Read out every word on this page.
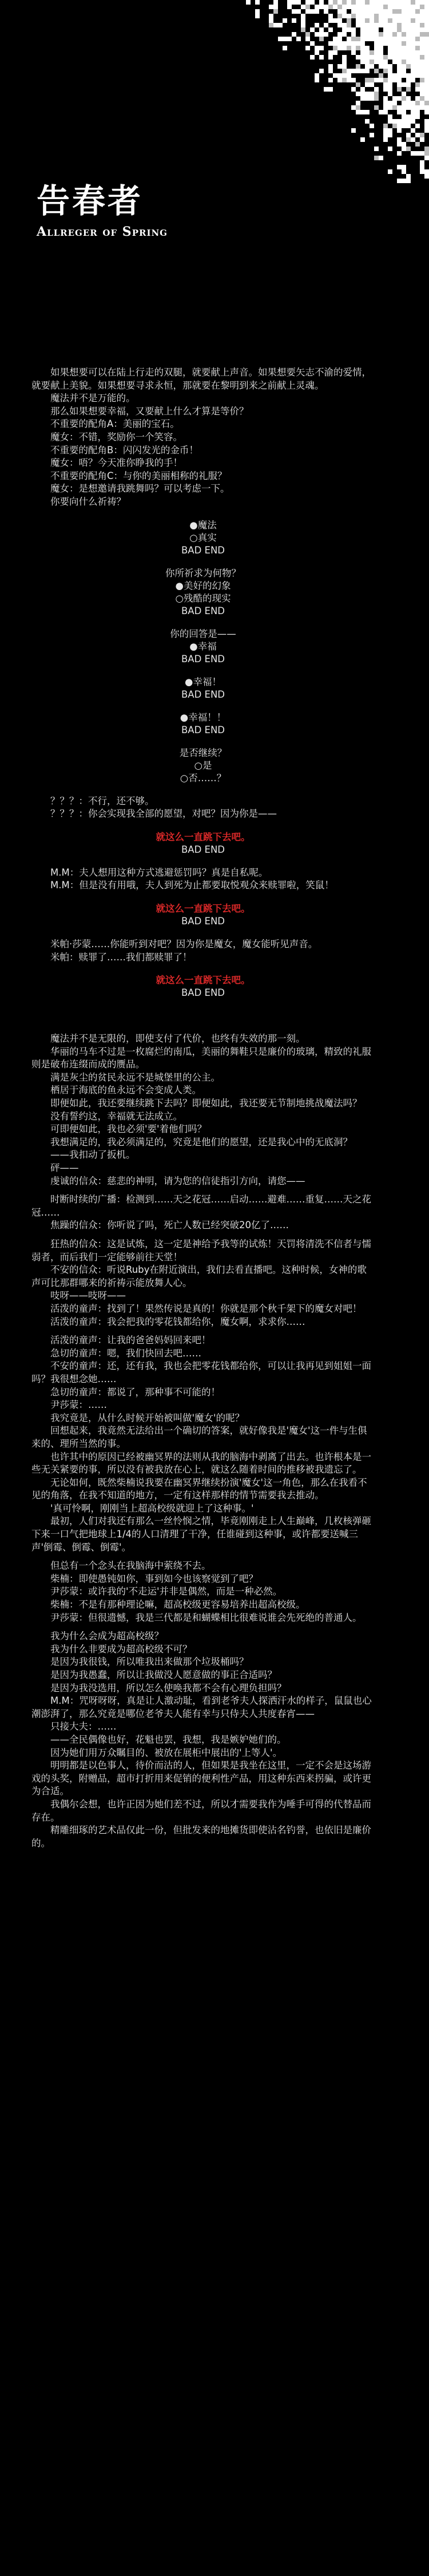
告春者

Allreger of Spring

如果想要可以在陆上行走的双腿，就要献上声音。如果想要矢志不渝的爱情，就要献上美貌。如果想要寻求永恒，那就要在黎明到来之前献上灵魂。

魔法并不是万能的。

那么如果想要幸福，又要献上什么才算是等价？

不重要的配角A：美丽的宝石。

魔女：不错，奖励你一个笑容。

不重要的配角B：闪闪发光的金币！

魔女：唔？今天准你睁我的手！

不重要的配角C：与你的美丽相称的礼服？

魔女：是想邀请我跳舞吗？可以考虑一下。

你要向什么祈祷？

●魔法
○真实
BAD END
你所祈求为何物？
●美好的幻象
○残酷的现实
BAD END
你的回答是——
●幸福
BAD END
●幸福！
BAD END
●幸福！！
BAD END
是否继续？
○是
○否……？

？？？：不行，还不够。

？？？：你会实现我全部的愿望，对吧？因为你是——

就这么一直跳下去吧。
BAD END

M.M：夫人想用这种方式逃避惩罚吗？真是自私呢。

M.M：但是没有用哦，夫人到死为止都要取悦观众来赎罪啦，笑鼠！

就这么一直跳下去吧。
BAD END

米帕·莎蒙……你能听到对吧？因为你是魔女，魔女能听见声音。

米帕：赎罪了……我们都赎罪了！

就这么一直跳下去吧。
BAD END

魔法并不是无限的，即使支付了代价，也终有失效的那一刻。

华丽的马车不过是一枚腐烂的南瓜，美丽的舞鞋只是廉价的玻璃，精致的礼服则是破布连缀而成的赝品。

满是灰尘的贫民永远不是城堡里的公主。

栖居于海底的鱼永远不会变成人类。

即便如此，我还要继续跳下去吗？即便如此，我还要无节制地挑战魔法吗？

没有誓约这，幸福就无法成立。

可即便如此，我也必须'要'着他们吗？

我想满足的，我必须满足的，究竟是他们的愿望，还是我心中的无底洞？

——我扣动了扳机。

砰——

虔诚的信众：慈悲的神明，请为您的信徒指引方向，请您——

时断时续的广播：检测到……天之花冠……启动……避难……重复……天之花冠……

焦躁的信众：你听说了吗，死亡人数已经突破20亿了……

狂热的信众：这是试炼，这一定是神给予我等的试炼！天罚将清洗不信者与懦弱者，而后我们一定能够前往天堂！

不安的信众：听说Ruby在附近演出，我们去看直播吧。这种时候，女神的歌声可比那群哪来的祈祷示能放舞人心。

吱呀——吱呀——

活泼的童声：找到了！果然传说是真的！你就是那个秋千架下的魔女对吧！

活泼的童声：我会把我的零花钱都给你，魔女啊，求求你……

活泼的童声：让我的爸爸妈妈回来吧！

急切的童声：嗯，我们快回去吧……

不安的童声：还，还有我，我也会把零花钱都给你，可以让我再见到姐姐一面吗？我很想念她……

急切的童声：都说了，那种事不可能的！

尹莎蒙：……

我究竟是，从什么时候开始被叫做'魔女'的呢？

回想起来，我竟然无法给出一个确切的答案，就好像我是'魔女'这一件与生俱来的、理所当然的事。

也许其中的原因已经被幽冥界的法则从我的脑海中剥离了出去。也许根本是一些无关紧要的事，所以没有被我放在心上，就这么随着时间的推移被我遗忘了。

无论如何，既然柴楠说我要在幽冥界继续扮演'魔女'这一角色，那么在我看不见的角落，在我不知道的地方，一定有这样那样的情节需要我去推动。

'真可怜啊，刚刚当上超高校级就迎上了这种事。'

最初，人们对我还有那么一丝怜悯之情，毕竟刚刚走上人生巅峰，几枚核弹砸下来一口气把地球上1/4的人口清理了干净，任谁碰到这种事，或许都要送喊三声'倒霉、倒霉、倒霉'。

但总有一个念头在我脑海中萦绕不去。

柴楠：即使愚钝如你，事到如今也该察觉到了吧？

尹莎蒙：或许我的'不走运'并非是偶然，而是一种必然。

柴楠：不是有那种理论嘛，超高校级更容易培养出超高校级。

尹莎蒙：但很遗憾，我是三代都是和蝴蝶相比很难说谁会先死绝的普通人。

我为什么会成为超高校级？

我为什么非要成为超高校级不可？

是因为我很钱，所以唯我出来做那个垃圾桶吗？

是因为我愚蠢，所以让我做没人愿意做的事正合适吗？

是因为我没选用，所以怎么使唤我都不会有心理负担吗？

M.M：咒呀呀呀，真是让人激动耻，看到老爷夫人探洒汗水的样子，鼠鼠也心潮澎湃了，那么究竟是哪位老爷夫人能有幸与只侍夫人共度春宵——

只接大夫：……

——全民偶像也好，花魁也罢，我想，我是嫉妒她们的。

因为她们用万众瞩目的、被放在展柜中展出的'上等人'。

明明都是以色事人，待价而沽的人，但如果是我坐在这里，一定不会是这场游戏的头奖，附赠品，超市打折用来促销的便利性产品，用这种东西来拐骗，或许更为合适。

我偶尔会想，也许正因为她们差不过，所以才需要我作为唾手可得的代替品而存在。

精雕细琢的艺术品仅此一份，但批发来的地摊货即使沾名钓誉，也依旧是廉价的。
